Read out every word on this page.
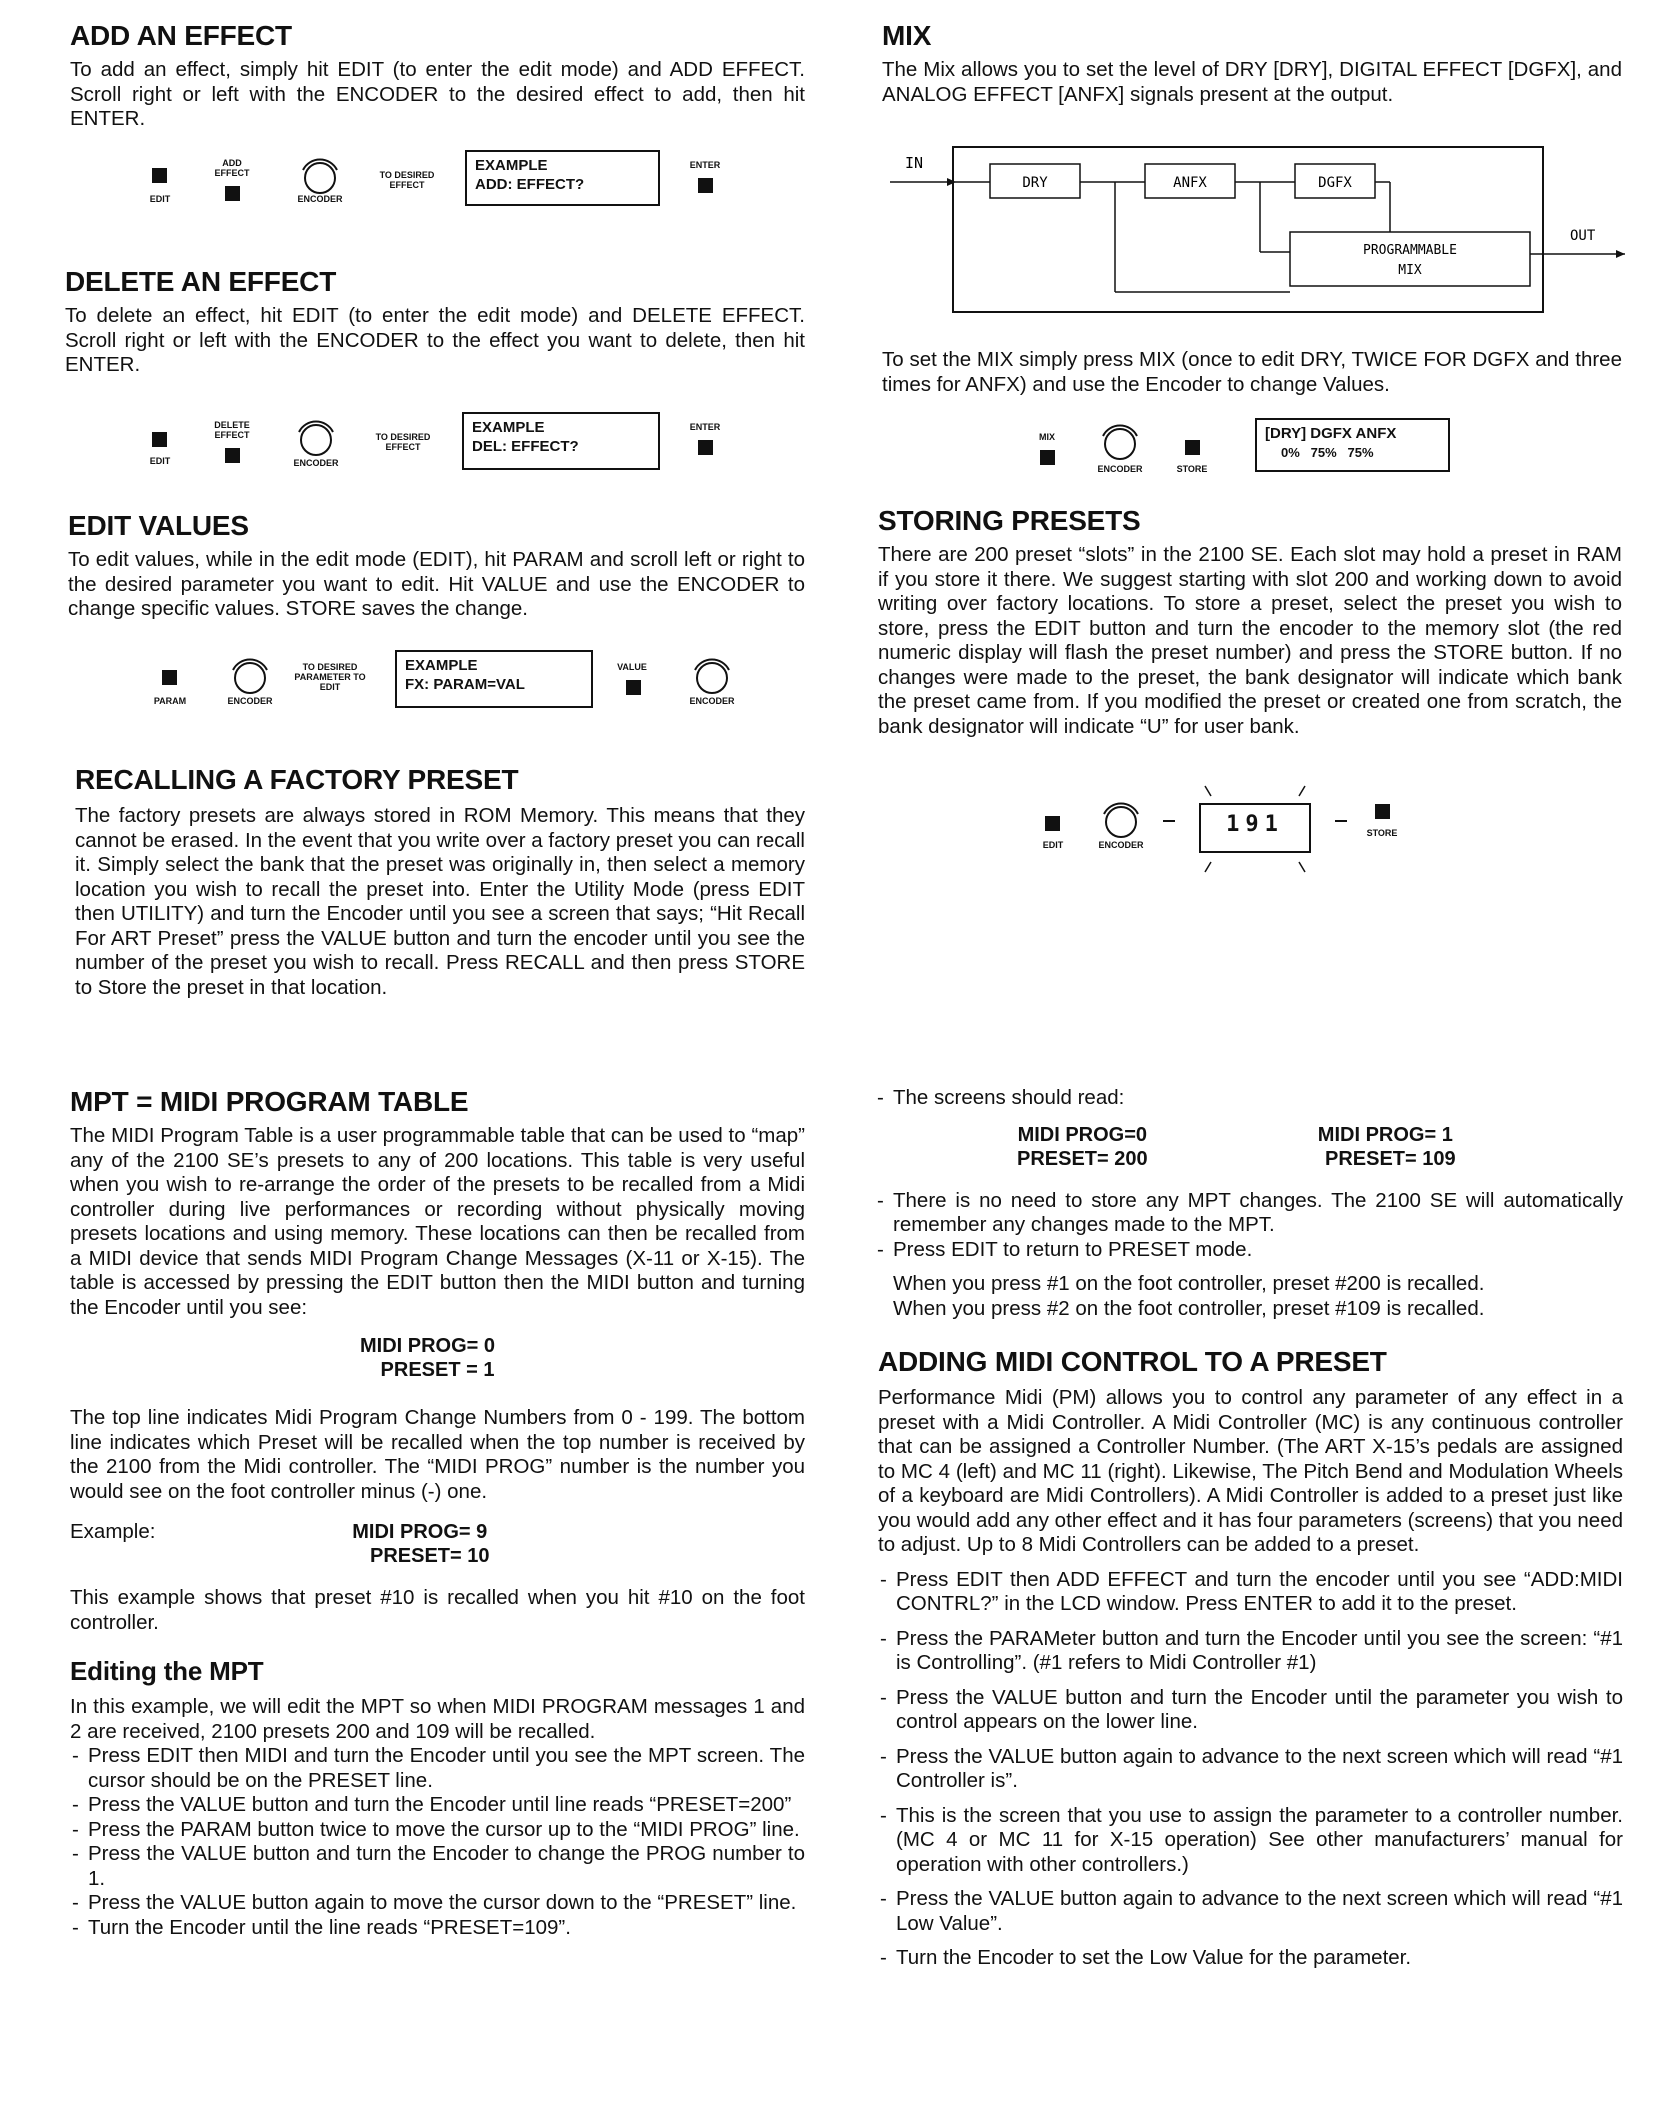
ADD AN EFFECT

To add an effect, simply hit EDIT (to enter the edit mode) and ADD EFFECT. Scroll right or left with the ENCODER to the desired effect to add, then hit ENTER.

EDIT
ADD EFFECT
ENCODER
TO DESIRED EFFECT
EXAMPLE
ADD: EFFECT?
ENTER
DELETE AN EFFECT

To delete an effect, hit EDIT (to enter the edit mode) and DELETE EFFECT. Scroll right or left with the ENCODER to the effect you want to delete, then hit ENTER.

EDIT
DELETE EFFECT
ENCODER
TO DESIRED EFFECT
EXAMPLE
DEL: EFFECT?
ENTER
EDIT VALUES

To edit values, while in the edit mode (EDIT), hit PARAM and scroll left or right to the desired parameter you want to edit. Hit VALUE and use the ENCODER to change specific values. STORE saves the change.

PARAM	ENCODER
TO DESIRED PARAMETER TO EDIT
EXAMPLE
FX: PARAM=VAL
VALUE
ENCODER
RECALLING A FACTORY PRESET

The factory presets are always stored in ROM Memory. This means that they cannot be erased. In the event that you write over a factory preset you can recall it. Simply select the bank that the preset was originally in, then select a memory location you wish to recall the preset into. Enter the Utility Mode (press EDIT then UTILITY) and turn the Encoder until you see a screen that says; “Hit Recall For ART Preset” press the VALUE button and turn the encoder until you see the number of the preset you wish to recall. Press RECALL and then press STORE to Store the preset in that location.

MPT = MIDI PROGRAM TABLE

The MIDI Program Table is a user programmable table that can be used to “map” any of the 2100 SE’s presets to any of 200 locations. This table is very useful when you wish to re-arrange the order of the presets to be recalled from a Midi controller during live performances or recording without physically moving presets locations and using memory. These locations can then be recalled from a MIDI device that sends MIDI Program Change Messages (X-11 or X-15). The table is accessed by pressing the EDIT button then the MIDI button and turning the Encoder until you see:

MIDI PROG= 0
PRESET = 1

The top line indicates Midi Program Change Numbers from 0 - 199. The bottom line indicates which Preset will be recalled when the top number is received by the 2100 from the Midi controller. The “MIDI PROG” number is the number you would see on the foot controller minus (-) one.

Example:	MIDI PROG= 9
PRESET= 10

This example shows that preset #10 is recalled when you hit #10 on the foot controller.

Editing the MPT

In this example, we will edit the MPT so when MIDI PROGRAM messages 1 and 2 are received, 2100 presets 200 and 109 will be recalled.

- Press EDIT then MIDI and turn the Encoder until you see the MPT screen. The cursor should be on the PRESET line.
- Press the VALUE button and turn the Encoder until line reads “PRESET=200”
- Press the PARAM button twice to move the cursor up to the “MIDI PROG” line.
- Press the VALUE button and turn the Encoder to change the PROG number to 1.
- Press the VALUE button again to move the cursor down to the “PRESET” line.
- Turn the Encoder until the line reads “PRESET=109”.
MIX

The Mix allows you to set the level of DRY [DRY], DIGITAL EFFECT [DGFX], and ANALOG EFFECT [ANFX] signals present at the output.

IN
DRY	ANFX	DGFX
PROGRAMMABLE
MIX
OUT

To set the MIX simply press MIX (once to edit DRY, TWICE FOR DGFX and three times for ANFX) and use the Encoder to change Values.

MIX
ENCODER	STORE
[DRY] DGFX ANFX
0%   75%   75%
STORING PRESETS

There are 200 preset “slots” in the 2100 SE. Each slot may hold a preset in RAM if you store it there. We suggest starting with slot 200 and working down to avoid writing over factory locations. To store a preset, select the preset you wish to store, press the EDIT button and turn the encoder to the memory slot (the red numeric display will flash the preset number) and press the STORE button. If no changes were made to the preset, the bank designator will indicate which bank the preset came from. If you modified the preset or created one from scratch, the bank designator will indicate “U” for user bank.

EDIT	ENCODER
191	STORE
- The screens should read:
MIDI PROG=0
PRESET= 200
MIDI PROG= 1
PRESET= 109
- There is no need to store any MPT changes. The 2100 SE will automatically remember any changes made to the MPT.
- Press EDIT to return to PRESET mode.

When you press #1 on the foot controller, preset #200 is recalled.

When you press #2 on the foot controller, preset #109 is recalled.

ADDING MIDI CONTROL TO A PRESET

Performance Midi (PM) allows you to control any parameter of any effect in a preset with a Midi Controller. A Midi Controller (MC) is any continuous controller that can be assigned a Controller Number. (The ART X-15’s pedals are assigned to MC 4 (left) and MC 11 (right). Likewise, The Pitch Bend and Modulation Wheels of a keyboard are Midi Controllers). A Midi Controller is added to a preset just like you would add any other effect and it has four parameters (screens) that you need to adjust. Up to 8 Midi Controllers can be added to a preset.

- Press EDIT then ADD EFFECT and turn the encoder until you see “ADD:MIDI CONTRL?” in the LCD window. Press ENTER to add it to the preset.
- Press the PARAMeter button and turn the Encoder until you see the screen: “#1 is Controlling”. (#1 refers to Midi Controller #1)
- Press the VALUE button and turn the Encoder until the parameter you wish to control appears on the lower line.
- Press the VALUE button again to advance to the next screen which will read “#1 Controller is”.
- This is the screen that you use to assign the parameter to a controller number. (MC 4 or MC 11 for X-15 operation) See other manufacturers’ manual for operation with other controllers.)
- Press the VALUE button again to advance to the next screen which will read “#1 Low Value”.
- Turn the Encoder to set the Low Value for the parameter.
